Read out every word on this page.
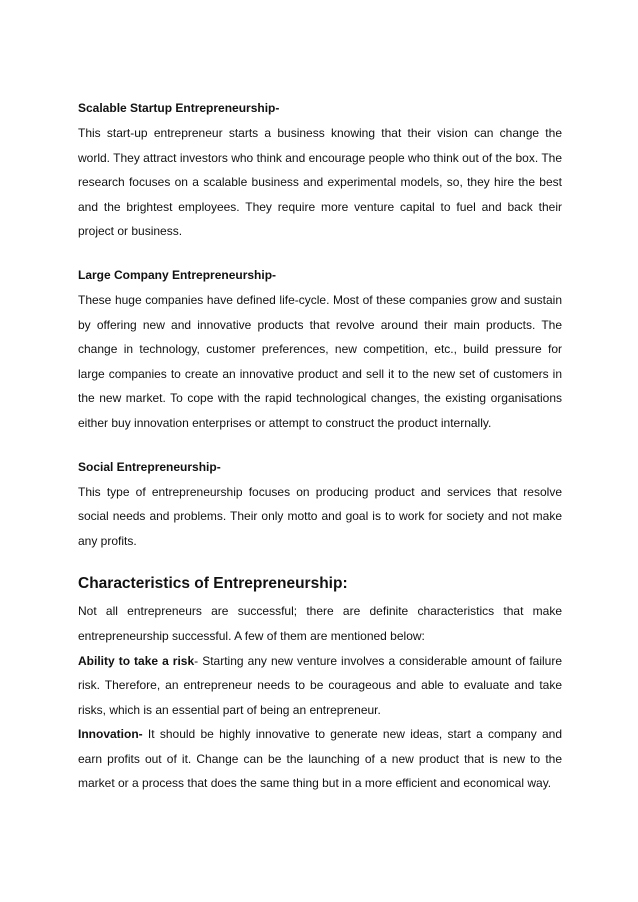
Scalable Startup Entrepreneurship-

This start-up entrepreneur starts a business knowing that their vision can change the world. They attract investors who think and encourage people who think out of the box. The research focuses on a scalable business and experimental models, so, they hire the best and the brightest employees. They require more venture capital to fuel and back their project or business.

Large Company Entrepreneurship-

These huge companies have defined life-cycle. Most of these companies grow and sustain by offering new and innovative products that revolve around their main products. The change in technology, customer preferences, new competition, etc., build pressure for large companies to create an innovative product and sell it to the new set of customers in the new market. To cope with the rapid technological changes, the existing organisations either buy innovation enterprises or attempt to construct the product internally.

Social Entrepreneurship-

This type of entrepreneurship focuses on producing product and services that resolve social needs and problems. Their only motto and goal is to work for society and not make any profits.

Characteristics of Entrepreneurship:

Not all entrepreneurs are successful; there are definite characteristics that make entrepreneurship successful. A few of them are mentioned below:

Ability to take a risk- Starting any new venture involves a considerable amount of failure risk. Therefore, an entrepreneur needs to be courageous and able to evaluate and take risks, which is an essential part of being an entrepreneur.

Innovation- It should be highly innovative to generate new ideas, start a company and earn profits out of it. Change can be the launching of a new product that is new to the market or a process that does the same thing but in a more efficient and economical way.
